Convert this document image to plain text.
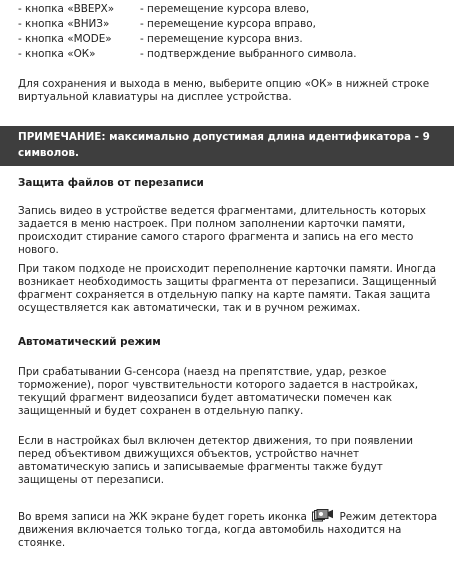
- кнопка «ВВЕРХ»	- перемещение курсора влево,
- кнопка «ВНИЗ»	- перемещение курсора вправо,
- кнопка «MODE»	- перемещение курсора вниз.
- кнопка «ОК»	- подтверждение выбранного символа.
Для сохранения и выхода в меню, выберите опцию «ОК» в нижней строке виртуальной клавиатуры на дисплее устройства.
ПРИМЕЧАНИЕ: максимально допустимая длина идентификатора - 9 символов.
Защита файлов от перезаписи
Запись видео в устройстве ведется фрагментами, длительность которых задается в меню настроек. При полном заполнении карточки памяти, происходит стирание самого старого фрагмента и запись на его место нового.
При таком подходе не происходит переполнение карточки памяти. Иногда возникает необходимость защиты фрагмента от перезаписи. Защищенный фрагмент сохраняется в отдельную папку на карте памяти. Такая защита осуществляется как автоматически, так и в ручном режимах.
Автоматический режим
При срабатывании G-сенсора (наезд на препятствие, удар, резкое торможение), порог чувствительности которого задается в настройках, текущий фрагмент видеозаписи будет автоматически помечен как защищенный и будет сохранен в отдельную папку.
Если в настройках был включен детектор движения, то при появлении перед объективом движущихся объектов, устройство начнет автоматическую запись и записываемые фрагменты также будут защищены от перезаписи.
Во время записи на ЖК экране будет гореть иконка	Режим детектора движения включается только тогда, когда автомобиль находится на стоянке.
